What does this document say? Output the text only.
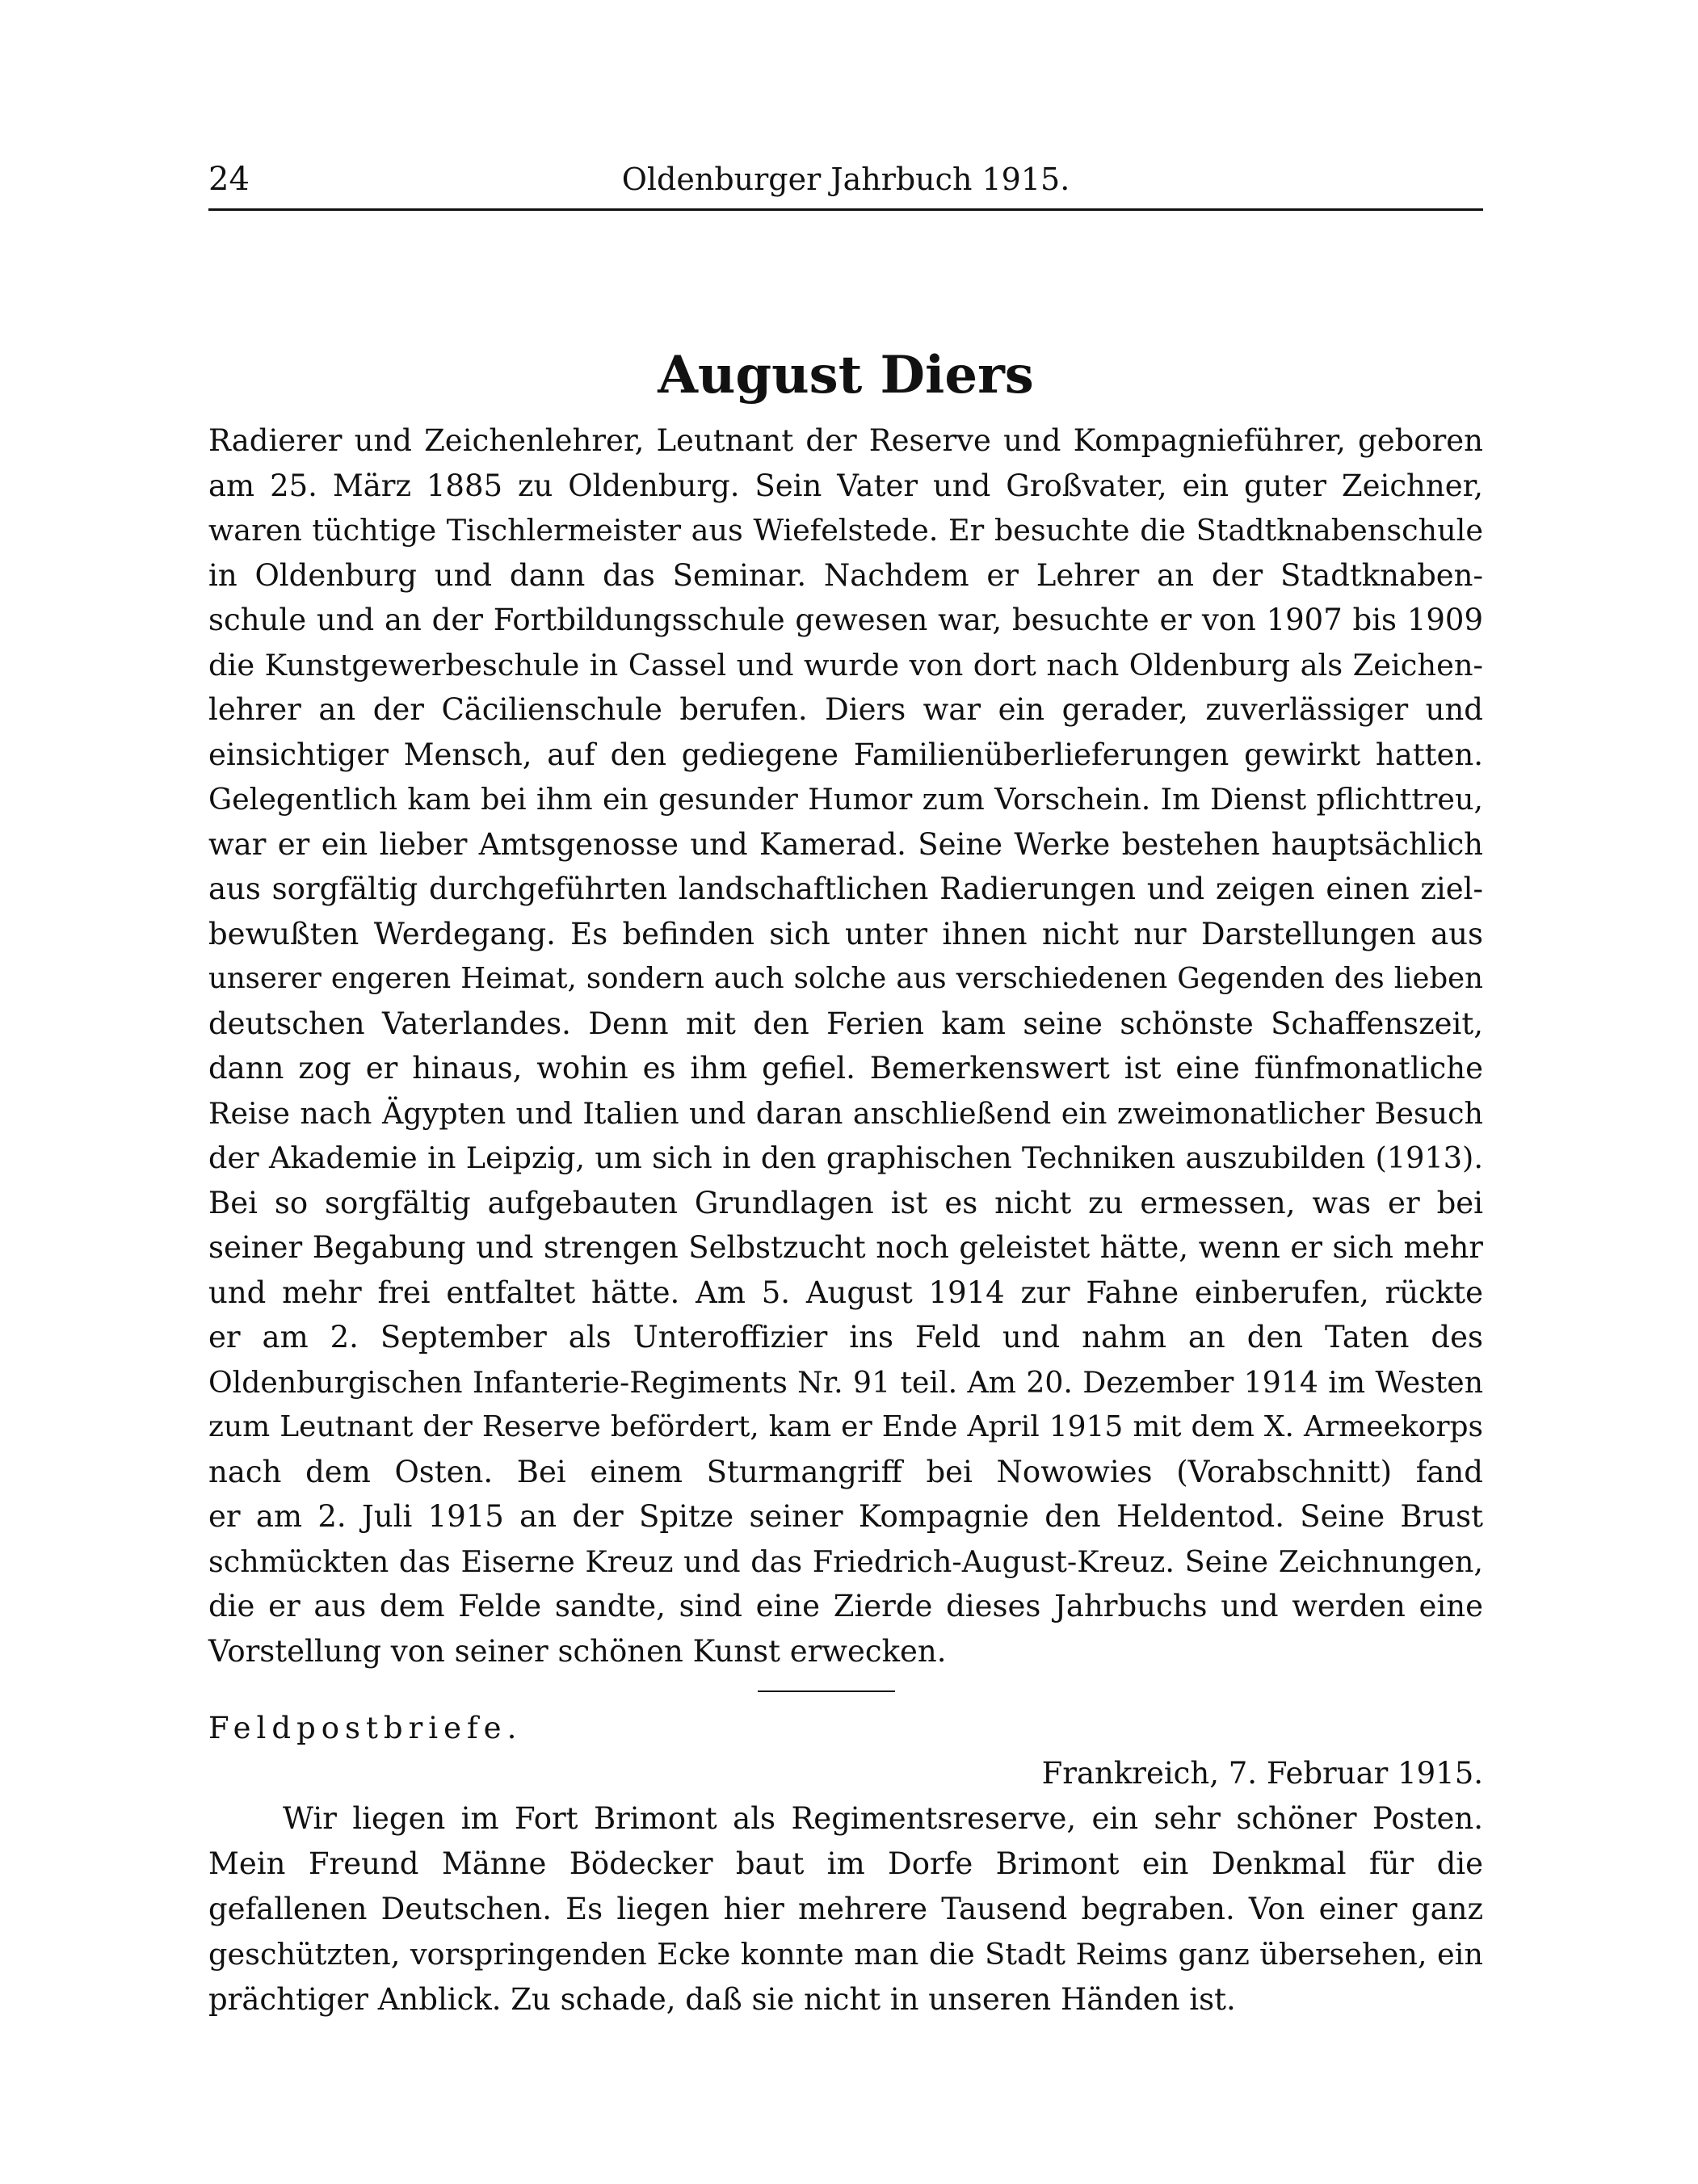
24	Oldenburger Jahrbuch 1915.
August Diers
Radierer und Zeichenlehrer, Leutnant der Reserve und Kompagnieführer, geboren
am 25. März 1885 zu Oldenburg. Sein Vater und Großvater, ein guter Zeichner,
waren tüchtige Tischlermeister aus Wiefelstede. Er besuchte die Stadtknabenschule
in Oldenburg und dann das Seminar. Nachdem er Lehrer an der Stadtknaben-
schule und an der Fortbildungsschule gewesen war, besuchte er von 1907 bis 1909
die Kunstgewerbeschule in Cassel und wurde von dort nach Oldenburg als Zeichen-
lehrer an der Cäcilienschule berufen. Diers war ein gerader, zuverlässiger und
einsichtiger Mensch, auf den gediegene Familienüberlieferungen gewirkt hatten.
Gelegentlich kam bei ihm ein gesunder Humor zum Vorschein. Im Dienst pflichttreu,
war er ein lieber Amtsgenosse und Kamerad. Seine Werke bestehen hauptsächlich
aus sorgfältig durchgeführten landschaftlichen Radierungen und zeigen einen ziel-
bewußten Werdegang. Es befinden sich unter ihnen nicht nur Darstellungen aus
unserer engeren Heimat, sondern auch solche aus verschiedenen Gegenden des lieben
deutschen Vaterlandes. Denn mit den Ferien kam seine schönste Schaffenszeit,
dann zog er hinaus, wohin es ihm gefiel. Bemerkenswert ist eine fünfmonatliche
Reise nach Ägypten und Italien und daran anschließend ein zweimonatlicher Besuch
der Akademie in Leipzig, um sich in den graphischen Techniken auszubilden (1913).
Bei so sorgfältig aufgebauten Grundlagen ist es nicht zu ermessen, was er bei
seiner Begabung und strengen Selbstzucht noch geleistet hätte, wenn er sich mehr
und mehr frei entfaltet hätte. Am 5. August 1914 zur Fahne einberufen, rückte
er am 2. September als Unteroffizier ins Feld und nahm an den Taten des
Oldenburgischen Infanterie-Regiments Nr. 91 teil. Am 20. Dezember 1914 im Westen
zum Leutnant der Reserve befördert, kam er Ende April 1915 mit dem X. Armeekorps
nach dem Osten. Bei einem Sturmangriff bei Nowowies (Vorabschnitt) fand
er am 2. Juli 1915 an der Spitze seiner Kompagnie den Heldentod. Seine Brust
schmückten das Eiserne Kreuz und das Friedrich-August-Kreuz. Seine Zeichnungen,
die er aus dem Felde sandte, sind eine Zierde dieses Jahrbuchs und werden eine
Vorstellung von seiner schönen Kunst erwecken.
Feldpostbriefe.
Frankreich, 7. Februar 1915.
Wir liegen im Fort Brimont als Regimentsreserve, ein sehr schöner Posten.
Mein Freund Männe Bödecker baut im Dorfe Brimont ein Denkmal für die
gefallenen Deutschen. Es liegen hier mehrere Tausend begraben. Von einer ganz
geschützten, vorspringenden Ecke konnte man die Stadt Reims ganz übersehen, ein
prächtiger Anblick. Zu schade, daß sie nicht in unseren Händen ist.
